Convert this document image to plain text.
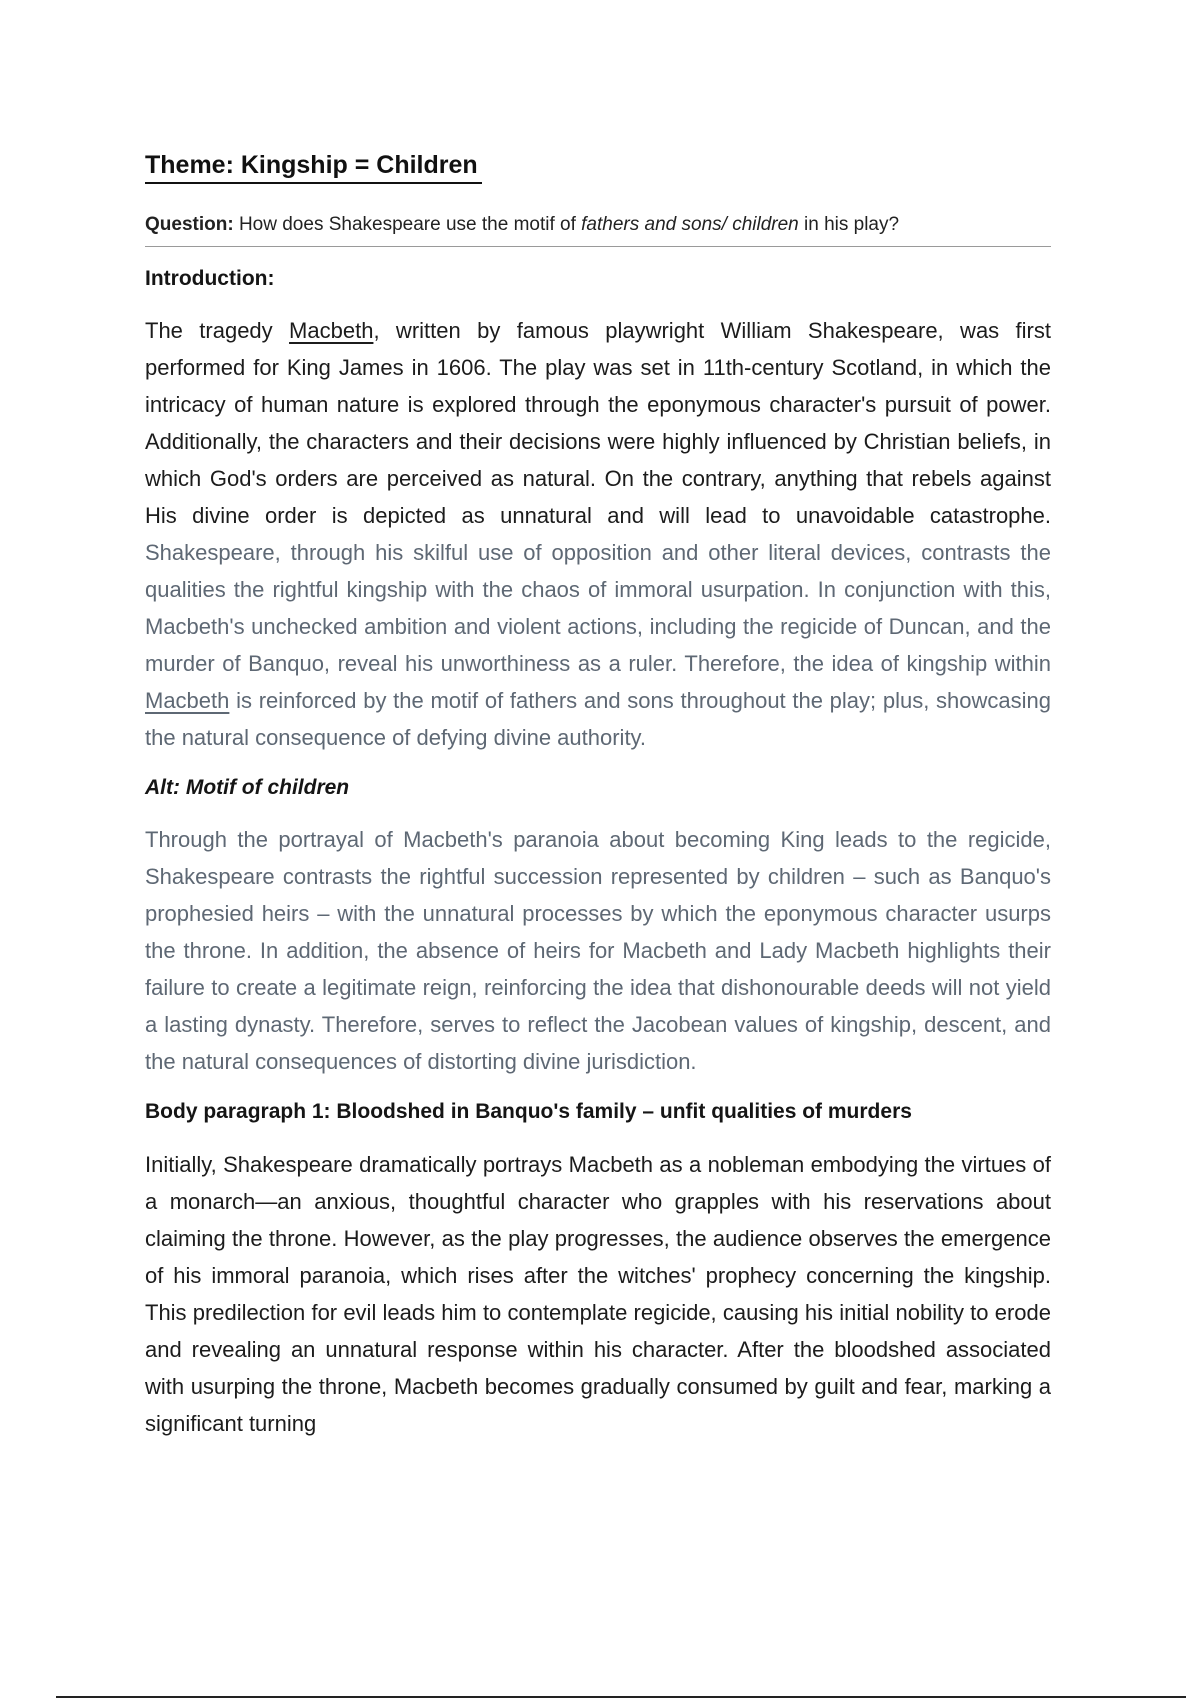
Theme: Kingship = Children
Question: How does Shakespeare use the motif of fathers and sons/ children in his play?
Introduction:

The tragedy Macbeth, written by famous playwright William Shakespeare, was first performed for King James in 1606. The play was set in 11th-century Scotland, in which the intricacy of human nature is explored through the eponymous character's pursuit of power. Additionally, the characters and their decisions were highly influenced by Christian beliefs, in which God's orders are perceived as natural. On the contrary, anything that rebels against His divine order is depicted as unnatural and will lead to unavoidable catastrophe. Shakespeare, through his skilful use of opposition and other literal devices, contrasts the qualities the rightful kingship with the chaos of immoral usurpation. In conjunction with this, Macbeth's unchecked ambition and violent actions, including the regicide of Duncan, and the murder of Banquo, reveal his unworthiness as a ruler. Therefore, the idea of kingship within Macbeth is reinforced by the motif of fathers and sons throughout the play; plus, showcasing the natural consequence of defying divine authority.

Alt: Motif of children

Through the portrayal of Macbeth's paranoia about becoming King leads to the regicide, Shakespeare contrasts the rightful succession represented by children – such as Banquo's prophesied heirs – with the unnatural processes by which the eponymous character usurps the throne. In addition, the absence of heirs for Macbeth and Lady Macbeth highlights their failure to create a legitimate reign, reinforcing the idea that dishonourable deeds will not yield a lasting dynasty. Therefore, serves to reflect the Jacobean values of kingship, descent, and the natural consequences of distorting divine jurisdiction.

Body paragraph 1: Bloodshed in Banquo's family – unfit qualities of murders

Initially, Shakespeare dramatically portrays Macbeth as a nobleman embodying the virtues of a monarch—an anxious, thoughtful character who grapples with his reservations about claiming the throne. However, as the play progresses, the audience observes the emergence of his immoral paranoia, which rises after the witches' prophecy concerning the kingship. This predilection for evil leads him to contemplate regicide, causing his initial nobility to erode and revealing an unnatural response within his character. After the bloodshed associated with usurping the throne, Macbeth becomes gradually consumed by guilt and fear, marking a significant turning
